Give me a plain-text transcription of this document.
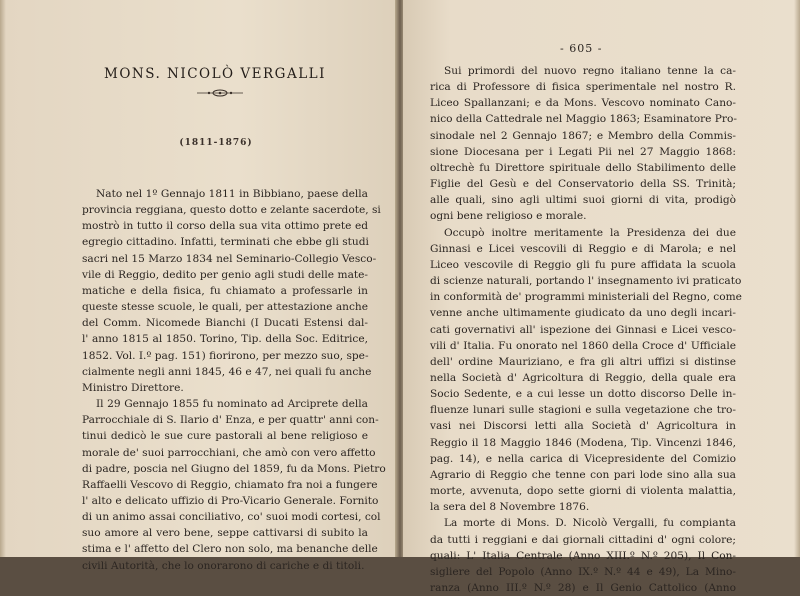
MONS. NICOLÒ VERGALLI
(1811-1876)
Nato nel 1º Gennajo 1811 in Bibbiano, paese della
provincia reggiana, questo dotto e zelante sacerdote, si
mostrò in tutto il corso della sua vita ottimo prete ed
egregio cittadino. Infatti, terminati che ebbe gli studi
sacri nel 15 Marzo 1834 nel Seminario-Collegio Vesco-
vile di Reggio, dedito per genio agli studi delle mate-
matiche e della fisica, fu chiamato a professarle in
queste stesse scuole, le quali, per attestazione anche
del Comm. Nicomede Bianchi (I Ducati Estensi dal-
l' anno 1815 al 1850. Torino, Tip. della Soc. Editrice,
1852. Vol. I.º pag. 151) fiorirono, per mezzo suo, spe-
cialmente negli anni 1845, 46 e 47, nei quali fu anche
Ministro Direttore.
Il 29 Gennajo 1855 fu nominato ad Arciprete della
Parrocchiale di S. Ilario d' Enza, e per quattr' anni con-
tinui dedicò le sue cure pastorali al bene religioso e
morale de' suoi parrocchiani, che amò con vero affetto
di padre, poscia nel Giugno del 1859, fu da Mons. Pietro
Raffaelli Vescovo di Reggio, chiamato fra noi a fungere
l' alto e delicato uffizio di Pro-Vicario Generale. Fornito
di un animo assai conciliativo, co' suoi modi cortesi, col
suo amore al vero bene, seppe cattivarsi di subito la
stima e l' affetto del Clero non solo, ma benanche delle
civili Autorità, che lo onorarono di cariche e di titoli.
- 605 -
Sui primordi del nuovo regno italiano tenne la ca-
rica di Professore di fisica sperimentale nel nostro R.
Liceo Spallanzani; e da Mons. Vescovo nominato Cano-
nico della Cattedrale nel Maggio 1863; Esaminatore Pro-
sinodale nel 2 Gennajo 1867; e Membro della Commis-
sione Diocesana per i Legati Pii nel 27 Maggio 1868:
oltrechè fu Direttore spirituale dello Stabilimento delle
Figlie del Gesù e del Conservatorio della SS. Trinità;
alle quali, sino agli ultimi suoi giorni di vita, prodigò
ogni bene religioso e morale.
Occupò inoltre meritamente la Presidenza dei due
Ginnasi e Licei vescovili di Reggio e di Marola; e nel
Liceo vescovile di Reggio gli fu pure affidata la scuola
di scienze naturali, portando l' insegnamento ivi praticato
in conformità de' programmi ministeriali del Regno, come
venne anche ultimamente giudicato da uno degli incari-
cati governativi all' ispezione dei Ginnasi e Licei vesco-
vili d' Italia. Fu onorato nel 1860 della Croce d' Ufficiale
dell' ordine Mauriziano, e fra gli altri uffizi si distinse
nella Società d' Agricoltura di Reggio, della quale era
Socio Sedente, e a cui lesse un dotto discorso Delle in-
fluenze lunari sulle stagioni e sulla vegetazione che tro-
vasi nei Discorsi letti alla Società d' Agricoltura in
Reggio il 18 Maggio 1846 (Modena, Tip. Vincenzi 1846,
pag. 14), e nella carica di Vicepresidente del Comizio
Agrario di Reggio che tenne con pari lode sino alla sua
morte, avvenuta, dopo sette giorni di violenta malattia,
la sera del 8 Novembre 1876.
La morte di Mons. D. Nicolò Vergalli, fu compianta
da tutti i reggiani e dai giornali cittadini d' ogni colore;
quali: L' Italia Centrale (Anno XIII.º N.º 205), Il Con-
sigliere del Popolo (Anno IX.º N.º 44 e 49), La Mino-
ranza (Anno III.º N.º 28) e Il Genio Cattolico (Anno
